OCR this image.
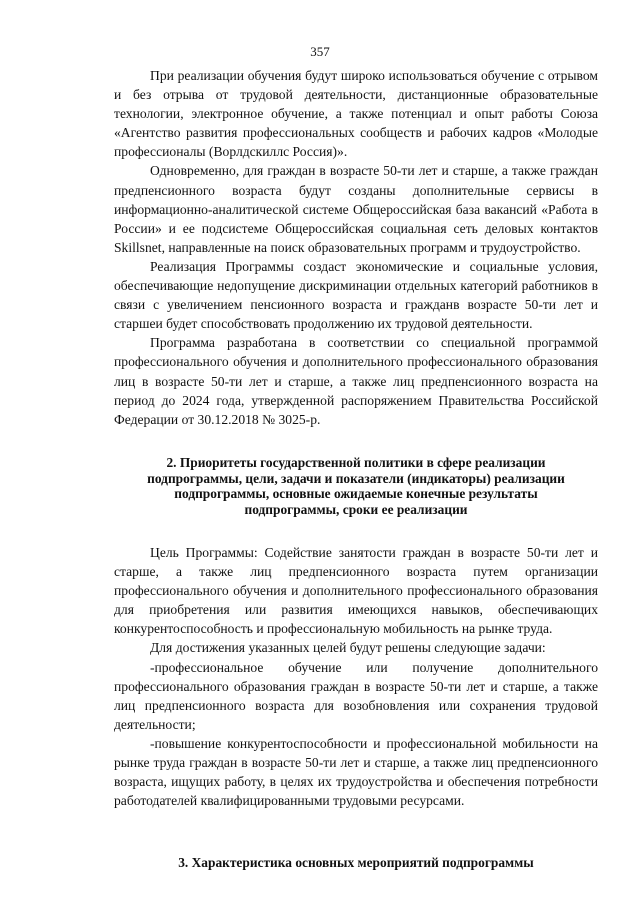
357

При реализации обучения будут широко использоваться обучение с отрывом и без отрыва от трудовой деятельности, дистанционные образовательные технологии, электронное обучение, а также потенциал и опыт работы Союза «Агентство развития профессиональных сообществ и рабочих кадров «Молодые профессионалы (Ворлдскиллс Россия)».

Одновременно, для граждан в возрасте 50-ти лет и старше, а также граждан предпенсионного возраста будут созданы дополнительные сервисы в информационно-аналитической системе Общероссийская база вакансий «Работа в России» и ее подсистеме Общероссийская социальная сеть деловых контактов Skillsnet, направленные на поиск образовательных программ и трудоустройство.

Реализация Программы создаст экономические и социальные условия, обеспечивающие недопущение дискриминации отдельных категорий работников в связи с увеличением пенсионного возраста и гражданв возрасте 50-ти лет и старшеи будет способствовать продолжению их трудовой деятельности.

Программа разработана в соответствии со специальной программой профессионального обучения и дополнительного профессионального образования лиц в возрасте 50-ти лет и старше, а также лиц предпенсионного возраста на период до 2024 года, утвержденной распоряжением Правительства Российской Федерации от 30.12.2018 № 3025-р.

2. Приоритеты государственной политики в сфере реализации подпрограммы, цели, задачи и показатели (индикаторы) реализации подпрограммы, основные ожидаемые конечные результаты подпрограммы, сроки ее реализации

Цель Программы: Содействие занятости граждан в возрасте 50-ти лет и старше, а также лиц предпенсионного возраста путем организации профессионального обучения и дополнительного профессионального образования для приобретения или развития имеющихся навыков, обеспечивающих конкурентоспособность и профессиональную мобильность на рынке труда.

Для достижения указанных целей будут решены следующие задачи:

-профессиональное обучение или получение дополнительного профессионального образования граждан в возрасте 50-ти лет и старше, а также лиц предпенсионного возраста для возобновления или сохранения трудовой деятельности;

-повышение конкурентоспособности и профессиональной мобильности на рынке труда граждан в возрасте 50-ти лет и старше, а также лиц предпенсионного возраста, ищущих работу, в целях их трудоустройства и обеспечения потребности работодателей квалифицированными трудовыми ресурсами.

3. Характеристика основных мероприятий подпрограммы
